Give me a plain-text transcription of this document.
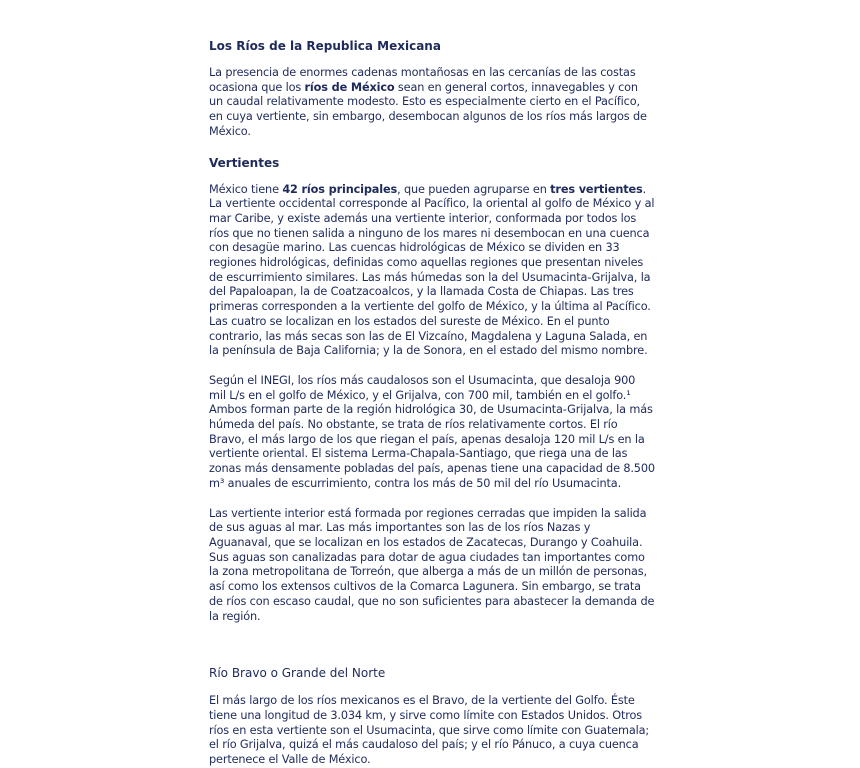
Los Ríos de la Republica Mexicana

La presencia de enormes cadenas montañosas en las cercanías de las costas ocasiona que los ríos de México sean en general cortos, innavegables y con un caudal relativamente modesto. Esto es especialmente cierto en el Pacífico, en cuya vertiente, sin embargo, desembocan algunos de los ríos más largos de México.

Vertientes

México tiene 42 ríos principales, que pueden agruparse en tres vertientes. La vertiente occidental corresponde al Pacífico, la oriental al golfo de México y al mar Caribe, y existe además una vertiente interior, conformada por todos los ríos que no tienen salida a ninguno de los mares ni desembocan en una cuenca con desagüe marino. Las cuencas hidrológicas de México se dividen en 33 regiones hidrológicas, definidas como aquellas regiones que presentan niveles de escurrimiento similares. Las más húmedas son la del Usumacinta-Grijalva, la del Papaloapan, la de Coatzacoalcos, y la llamada Costa de Chiapas. Las tres primeras corresponden a la vertiente del golfo de México, y la última al Pacífico. Las cuatro se localizan en los estados del sureste de México. En el punto contrario, las más secas son las de El Vizcaíno, Magdalena y Laguna Salada, en la península de Baja California; y la de Sonora, en el estado del mismo nombre.

Según el INEGI, los ríos más caudalosos son el Usumacinta, que desaloja 900 mil L/s en el golfo de México, y el Grijalva, con 700 mil, también en el golfo.¹ Ambos forman parte de la región hidrológica 30, de Usumacinta-Grijalva, la más húmeda del país. No obstante, se trata de ríos relativamente cortos. El río Bravo, el más largo de los que riegan el país, apenas desaloja 120 mil L/s en la vertiente oriental. El sistema Lerma-Chapala-Santiago, que riega una de las zonas más densamente pobladas del país, apenas tiene una capacidad de 8.500 m³ anuales de escurrimiento, contra los más de 50 mil del río Usumacinta.

Las vertiente interior está formada por regiones cerradas que impiden la salida de sus aguas al mar. Las más importantes son las de los ríos Nazas y Aguanaval, que se localizan en los estados de Zacatecas, Durango y Coahuila. Sus aguas son canalizadas para dotar de agua ciudades tan importantes como la zona metropolitana de Torreón, que alberga a más de un millón de personas, así como los extensos cultivos de la Comarca Lagunera. Sin embargo, se trata de ríos con escaso caudal, que no son suficientes para abastecer la demanda de la región.

Río Bravo o Grande del Norte

El más largo de los ríos mexicanos es el Bravo, de la vertiente del Golfo. Éste tiene una longitud de 3.034 km, y sirve como límite con Estados Unidos. Otros ríos en esta vertiente son el Usumacinta, que sirve como límite con Guatemala; el río Grijalva, quizá el más caudaloso del país; y el río Pánuco, a cuya cuenca pertenece el Valle de México.
